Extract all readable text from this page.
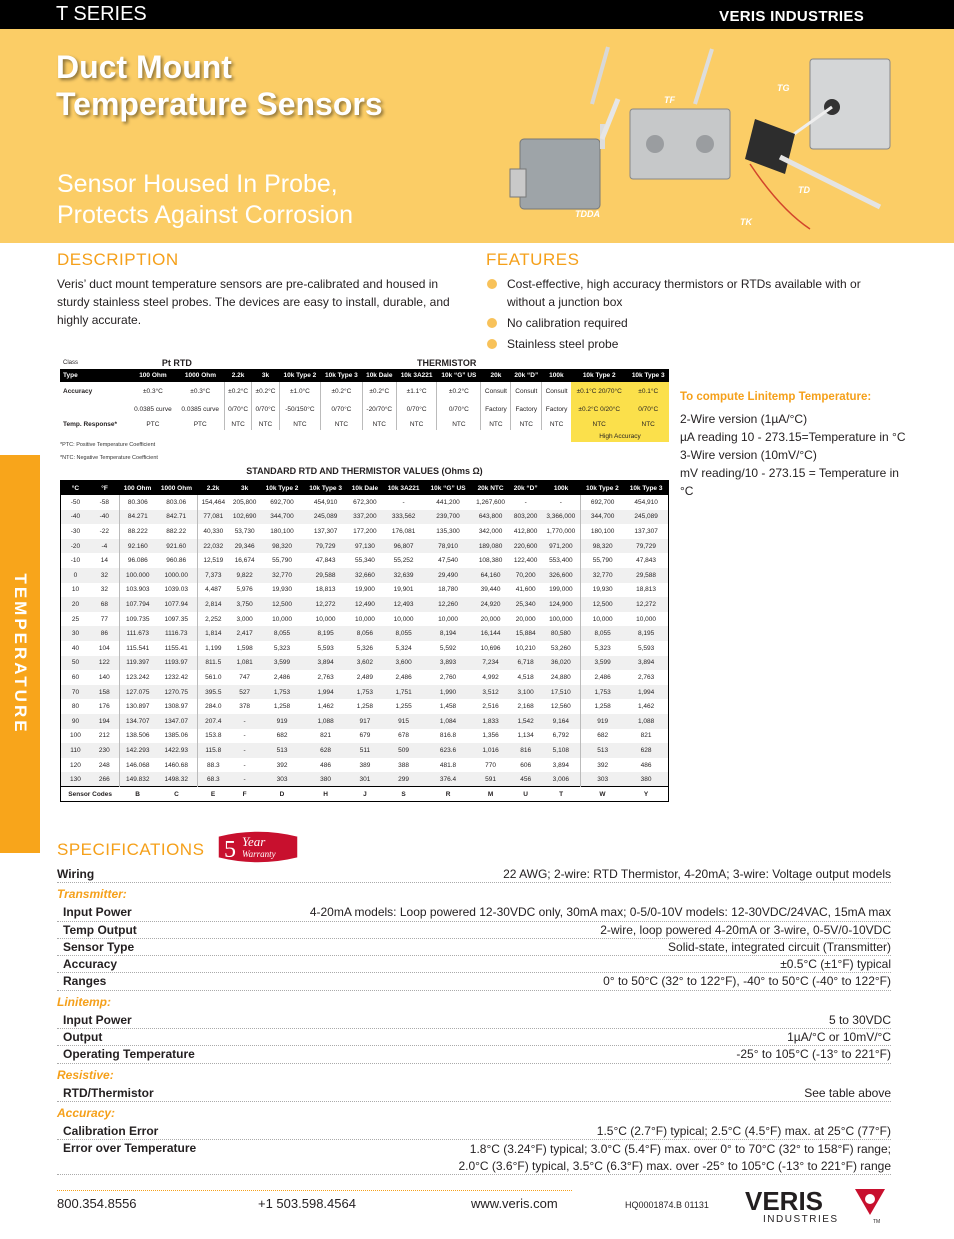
T SERIES	VERIS INDUSTRIES
Duct Mount
Temperature Sensors
Sensor Housed In Probe,
Protects Against Corrosion
TF
TG
TD
TK
TDDA
TEMPERATURE
DESCRIPTION
Veris’ duct mount temperature sensors are pre-calibrated and housed in sturdy stainless steel probes. The devices are easy to install, durable, and highly accurate.
FEATURES
Cost-effective, high accuracy thermistors or RTDs available with or without a junction box
No calibration required
Stainless steel probe
Class	Pt RTD		THERMISTOR											
Type	100 Ohm	1000 Ohm	2.2k	3k	10k Type 2	10k Type 3	10k Dale	10k 3A221	10k “G” US	20k	20k “D”	100k	10k Type 2	10k Type 3
Accuracy	±0.3°C	±0.3°C	±0.2°C	±0.2°C	±1.0°C	±0.2°C	±0.2°C	±1.1°C	±0.2°C	Consult	Consult	Consult	±0.1°C 20/70°C	±0.1°C
	0.0385 curve	0.0385 curve	0/70°C	0/70°C	-50/150°C	0/70°C	-20/70°C	0/70°C	0/70°C	Factory	Factory	Factory	±0.2°C 0/20°C	0/70°C
Temp. Response*	PTC	PTC	NTC	NTC	NTC	NTC	NTC	NTC	NTC	NTC	NTC	NTC	NTC	NTC
													High Accuracy	
*PTC: Positive Temperature Coefficient
*NTC: Negative Temperature Coefficient
To compute Linitemp Temperature:
2-Wire version (1µA/°C)
µA reading 10 - 273.15=Temperature in °C
3-Wire version (10mV/°C)
mV reading/10 - 273.15 = Temperature in °C
STANDARD RTD AND THERMISTOR VALUES (Ohms Ω)
°C	°F	100 Ohm	1000 Ohm	2.2k	3k	10k Type 2	10k Type 3	10k Dale	10k 3A221	10k “G” US	20k NTC	20k “D”	100k	10k Type 2	10k Type 3
-50	-58	80.306	803.06	154,464	205,800	692,700	454,910	672,300	-	441,200	1,267,600	-	-	692,700	454,910
-40	-40	84.271	842.71	77,081	102,690	344,700	245,089	337,200	333,562	239,700	643,800	803,200	3,366,000	344,700	245,089
-30	-22	88.222	882.22	40,330	53,730	180,100	137,307	177,200	176,081	135,300	342,000	412,800	1,770,000	180,100	137,307
-20	-4	92.160	921.60	22,032	29,346	98,320	79,729	97,130	96,807	78,910	189,080	220,600	971,200	98,320	79,729
-10	14	96.086	960.86	12,519	16,674	55,790	47,843	55,340	55,252	47,540	108,380	122,400	553,400	55,790	47,843
0	32	100.000	1000.00	7,373	9,822	32,770	29,588	32,660	32,639	29,490	64,160	70,200	326,600	32,770	29,588
10	32	103.903	1039.03	4,487	5,976	19,930	18,813	19,900	19,901	18,780	39,440	41,600	199,000	19,930	18,813
20	68	107.794	1077.94	2,814	3,750	12,500	12,272	12,490	12,493	12,260	24,920	25,340	124,900	12,500	12,272
25	77	109.735	1097.35	2,252	3,000	10,000	10,000	10,000	10,000	10,000	20,000	20,000	100,000	10,000	10,000
30	86	111.673	1116.73	1,814	2,417	8,055	8,195	8,056	8,055	8,194	16,144	15,884	80,580	8,055	8,195
40	104	115.541	1155.41	1,199	1,598	5,323	5,593	5,326	5,324	5,592	10,696	10,210	53,260	5,323	5,593
50	122	119.397	1193.97	811.5	1,081	3,599	3,894	3,602	3,600	3,893	7,234	6,718	36,020	3,599	3,894
60	140	123.242	1232.42	561.0	747	2,486	2,763	2,489	2,486	2,760	4,992	4,518	24,880	2,486	2,763
70	158	127.075	1270.75	395.5	527	1,753	1,994	1,753	1,751	1,990	3,512	3,100	17,510	1,753	1,994
80	176	130.897	1308.97	284.0	378	1,258	1,462	1,258	1,255	1,458	2,516	2,168	12,560	1,258	1,462
90	194	134.707	1347.07	207.4	-	919	1,088	917	915	1,084	1,833	1,542	9,164	919	1,088
100	212	138.506	1385.06	153.8	-	682	821	679	678	816.8	1,356	1,134	6,792	682	821
110	230	142.293	1422.93	115.8	-	513	628	511	509	623.6	1,016	816	5,108	513	628
120	248	146.068	1460.68	88.3	-	392	486	389	388	481.8	770	606	3,894	392	486
130	266	149.832	1498.32	68.3	-	303	380	301	299	376.4	591	456	3,006	303	380
Sensor Codes		B	C	E	F	D	H	J	S	R	M	U	T	W	Y
SPECIFICATIONS 5 Year
Warranty
Wiring	22 AWG; 2-wire: RTD Thermistor, 4-20mA; 3-wire: Voltage output models
Transmitter:
Input Power	4-20mA models: Loop powered 12-30VDC only, 30mA max; 0-5/0-10V models: 12-30VDC/24VAC, 15mA max
Temp Output	2-wire, loop powered 4-20mA or 3-wire, 0-5V/0-10VDC
Sensor Type	Solid-state, integrated circuit (Transmitter)
Accuracy	±0.5°C (±1°F) typical
Ranges	0° to 50°C (32° to 122°F), -40° to 50°C (-40° to 122°F)
Linitemp:
Input Power	5 to 30VDC
Output	1µA/°C or 10mV/°C
Operating Temperature	-25° to 105°C (-13° to 221°F)
Resistive:
RTD/Thermistor	See table above
Accuracy:
Calibration Error	1.5°C (2.7°F) typical; 2.5°C (4.5°F) max. at 25°C (77°F)
Error over Temperature	1.8°C (3.24°F) typical; 3.0°C (5.4°F) max. over 0° to 70°C (32° to 158°F) range;
2.0°C (3.6°F) typical, 3.5°C (6.3°F) max. over -25° to 105°C (-13° to 221°F) range
800.354.8556	+1 503.598.4564	www.veris.com	HQ0001874.B 01131 VERIS
INDUSTRIES	TM
